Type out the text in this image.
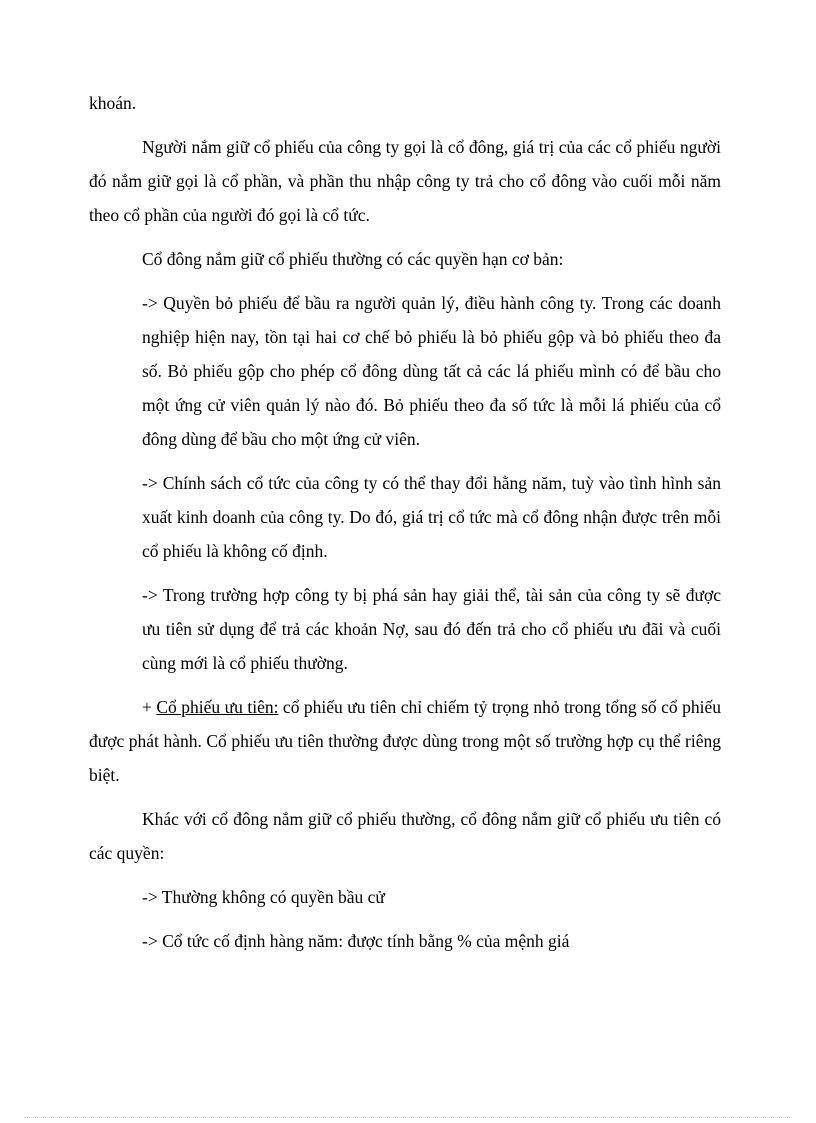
khoán.

Người nắm giữ cổ phiếu của công ty gọi là cổ đông, giá trị của các cổ phiếu người đó nắm giữ gọi là cổ phần, và phần thu nhập công ty trả cho cổ đông vào cuối mỗi năm theo cổ phần của người đó gọi là cổ tức.

Cổ đông nắm giữ cổ phiếu thường có các quyền hạn cơ bản:

-> Quyền bỏ phiếu để bầu ra người quản lý, điều hành công ty. Trong các doanh nghiệp hiện nay, tồn tại hai cơ chế bỏ phiếu là bỏ phiếu gộp và bỏ phiếu theo đa số. Bỏ phiếu gộp cho phép cổ đông dùng tất cả các lá phiếu mình có để bầu cho một ứng cử viên quản lý nào đó. Bỏ phiếu theo đa số tức là mỗi lá phiếu của cổ đông dùng để bầu cho một ứng cử viên.

-> Chính sách cổ tức của công ty có thể thay đổi hằng năm, tuỳ vào tình hình sản xuất kinh doanh của công ty. Do đó, giá trị cổ tức mà cổ đông nhận được trên mỗi cổ phiếu là không cố định.

-> Trong trường hợp công ty bị phá sản hay giải thể, tài sản của công ty sẽ được ưu tiên sử dụng để trả các khoản Nợ, sau đó đến trả cho cổ phiếu ưu đãi và cuối cùng mới là cổ phiếu thường.

+ Cổ phiếu ưu tiên: cổ phiếu ưu tiên chỉ chiếm tỷ trọng nhỏ trong tổng số cổ phiếu được phát hành. Cổ phiếu ưu tiên thường được dùng trong một số trường hợp cụ thể riêng biệt.

Khác với cổ đông nắm giữ cổ phiếu thường, cổ đông nắm giữ cổ phiếu ưu tiên có các quyền:

-> Thường không có quyền bầu cử

-> Cổ tức cố định hàng năm: được tính bằng % của mệnh giá
